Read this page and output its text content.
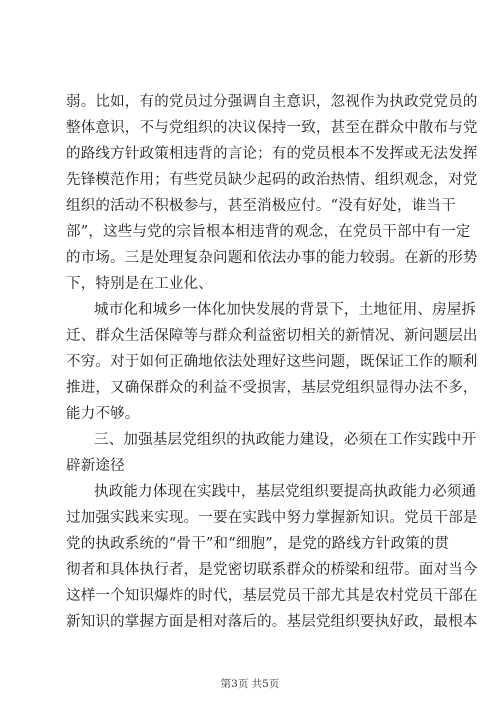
弱。比如，有的党员过分强调自主意识，忽视作为执政党党员的
整体意识，不与党组织的决议保持一致，甚至在群众中散布与党
的路线方针政策相违背的言论；有的党员根本不发挥或无法发挥
先锋模范作用；有些党员缺少起码的政治热情、组织观念，对党
组织的活动不积极参与，甚至消极应付。“没有好处，谁当干
部”，这些与党的宗旨根本相违背的观念，在党员干部中有一定
的市场。三是处理复杂问题和依法办事的能力较弱。在新的形势
下，特别是在工业化、
城市化和城乡一体化加快发展的背景下，土地征用、房屋拆
迁、群众生活保障等与群众利益密切相关的新情况、新问题层出
不穷。对于如何正确地依法处理好这些问题，既保证工作的顺利
推进，又确保群众的利益不受损害，基层党组织显得办法不多，
能力不够。
三、加强基层党组织的执政能力建设，必须在工作实践中开
辟新途径
执政能力体现在实践中，基层党组织要提高执政能力必须通
过加强实践来实现。一要在实践中努力掌握新知识。党员干部是
党的执政系统的“骨干”和“细胞”，是党的路线方针政策的贯
彻者和具体执行者，是党密切联系群众的桥梁和纽带。面对当今
这样一个知识爆炸的时代，基层党员干部尤其是农村党员干部在
新知识的掌握方面是相对落后的。基层党组织要执好政，最根本
第3页 共5页
